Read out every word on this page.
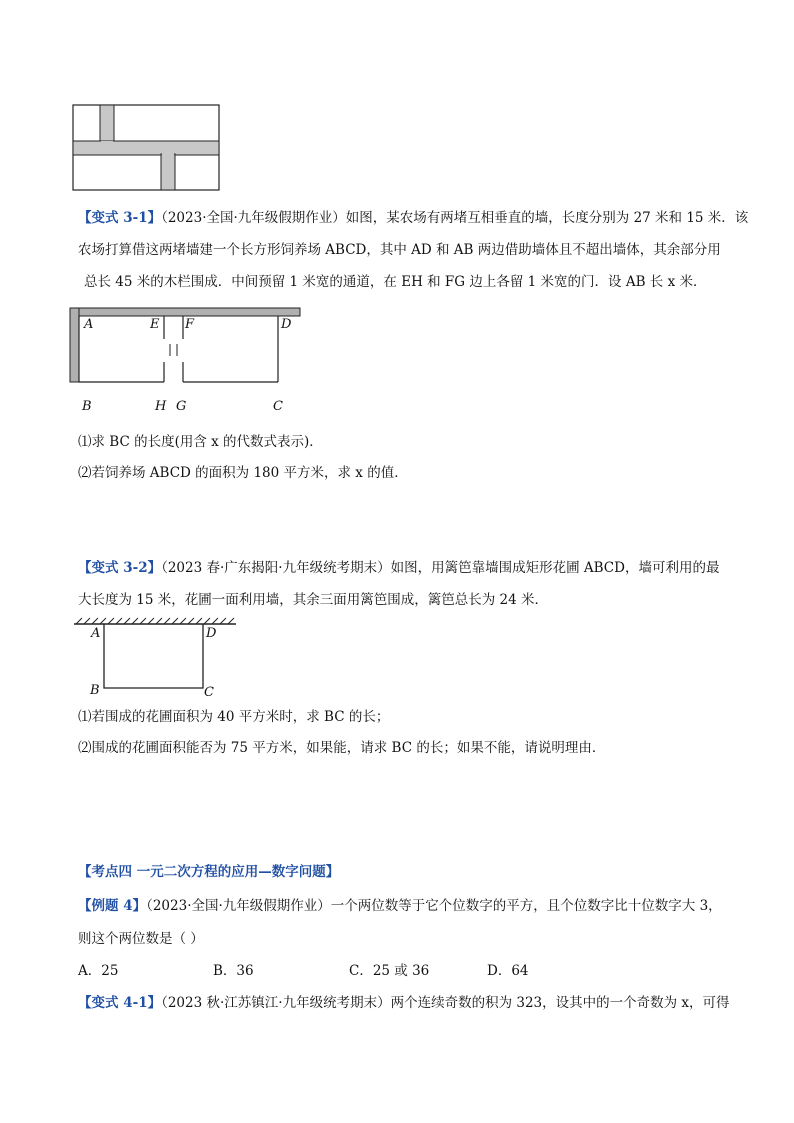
【变式 3-1】（2023·全国·九年级假期作业）如图，某农场有两堵互相垂直的墙，长度分别为 27 米和 15 米．该
农场打算借这两堵墙建一个长方形饲养场 ABCD，其中 AD 和 AB 两边借助墙体且不超出墙体，其余部分用
总长 45 米的木栏围成．中间预留 1 米宽的通道，在 EH 和 FG 边上各留 1 米宽的门．设 AB 长 x 米．
A	E F	D
B	H G	C
⑴求 BC 的长度(用含 x 的代数式表示)．
⑵若饲养场 ABCD 的面积为 180 平方米，求 x 的值．
【变式 3-2】（2023 春·广东揭阳·九年级统考期末）如图，用篱笆靠墙围成矩形花圃 ABCD，墙可利用的最
大长度为 15 米，花圃一面利用墙，其余三面用篱笆围成，篱笆总长为 24 米．
A	D
B	C
⑴若围成的花圃面积为 40 平方米时，求 BC 的长；
⑵围成的花圃面积能否为 75 平方米，如果能，请求 BC 的长；如果不能，请说明理由．
【考点四 一元二次方程的应用—数字问题】
【例题 4】（2023·全国·九年级假期作业）一个两位数等于它个位数字的平方，且个位数字比十位数字大 3，
则这个两位数是（ ）
A．25	B．36	C．25 或 36	D．64
【变式 4-1】（2023 秋·江苏镇江·九年级统考期末）两个连续奇数的积为 323，设其中的一个奇数为 x，可得
